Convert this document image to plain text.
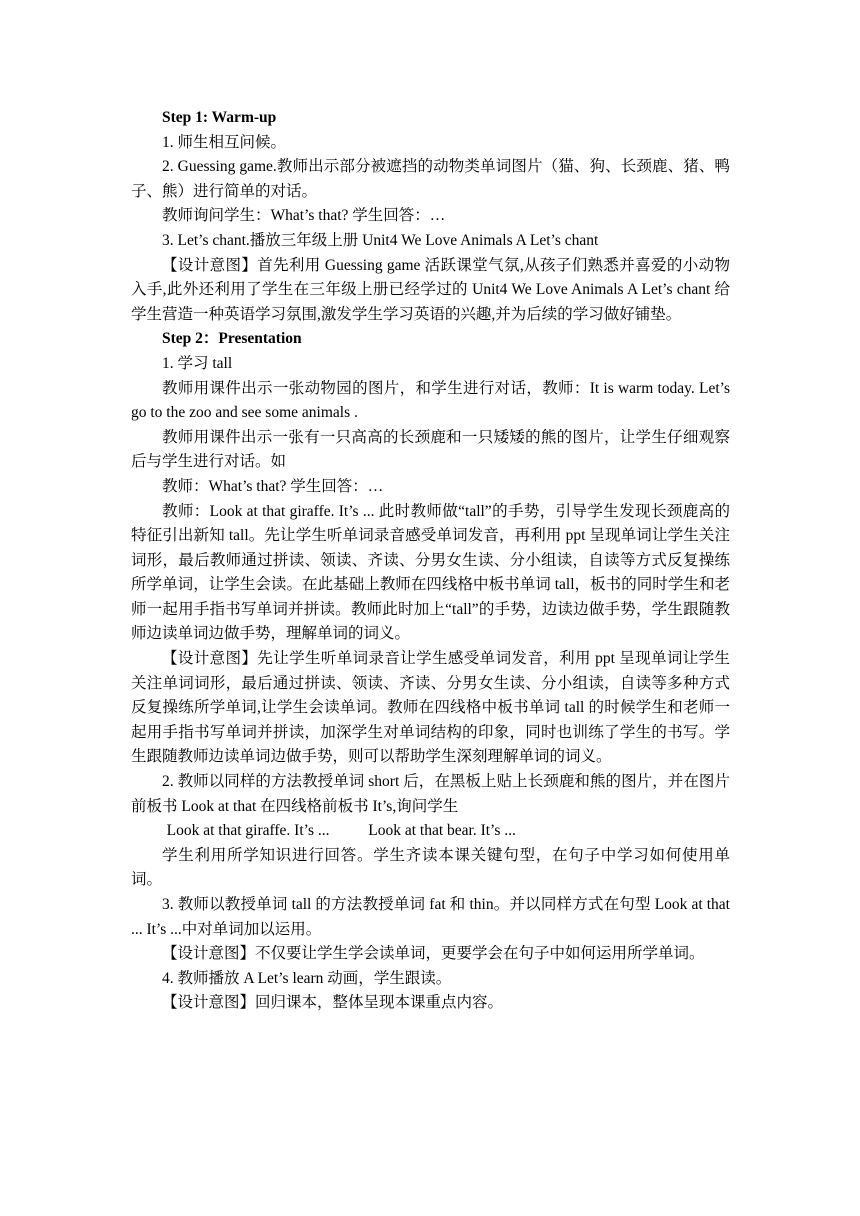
Step 1: Warm-up

1. 师生相互问候。

2. Guessing game.教师出示部分被遮挡的动物类单词图片（猫、狗、长颈鹿、猪、鸭子、熊）进行简单的对话。

教师询问学生：What’s that? 学生回答：…

3. Let’s chant.播放三年级上册 Unit4 We Love Animals A Let’s chant

【设计意图】首先利用 Guessing game 活跃课堂气氛,从孩子们熟悉并喜爱的小动物入手,此外还利用了学生在三年级上册已经学过的 Unit4 We Love Animals A Let’s chant 给学生营造一种英语学习氛围,激发学生学习英语的兴趣,并为后续的学习做好铺垫。

Step 2：Presentation

1. 学习 tall

教师用课件出示一张动物园的图片，和学生进行对话，教师：It is warm today. Let’s go to the zoo and see some animals .

教师用课件出示一张有一只高高的长颈鹿和一只矮矮的熊的图片，让学生仔细观察后与学生进行对话。如

教师：What’s that? 学生回答：…

教师：Look at that giraffe. It’s ... 此时教师做“tall”的手势，引导学生发现长颈鹿高的特征引出新知 tall。先让学生听单词录音感受单词发音，再利用 ppt 呈现单词让学生关注词形，最后教师通过拼读、领读、齐读、分男女生读、分小组读，自读等方式反复操练所学单词，让学生会读。在此基础上教师在四线格中板书单词 tall，板书的同时学生和老师一起用手指书写单词并拼读。教师此时加上“tall”的手势，边读边做手势，学生跟随教师边读单词边做手势，理解单词的词义。

【设计意图】先让学生听单词录音让学生感受单词发音，利用 ppt 呈现单词让学生关注单词词形，最后通过拼读、领读、齐读、分男女生读、分小组读，自读等多种方式反复操练所学单词,让学生会读单词。教师在四线格中板书单词 tall 的时候学生和老师一起用手指书写单词并拼读，加深学生对单词结构的印象，同时也训练了学生的书写。学生跟随教师边读单词边做手势，则可以帮助学生深刻理解单词的词义。

2. 教师以同样的方法教授单词 short 后，在黑板上贴上长颈鹿和熊的图片，并在图片前板书 Look at that 在四线格前板书 It’s,询问学生

Look at that giraffe. It’s ...          Look at that bear. It’s ...

学生利用所学知识进行回答。学生齐读本课关键句型，在句子中学习如何使用单词。

3. 教师以教授单词 tall 的方法教授单词 fat 和 thin。并以同样方式在句型 Look at that ... It’s ...中对单词加以运用。

【设计意图】不仅要让学生学会读单词，更要学会在句子中如何运用所学单词。

4. 教师播放 A Let’s learn 动画，学生跟读。

【设计意图】回归课本，整体呈现本课重点内容。
